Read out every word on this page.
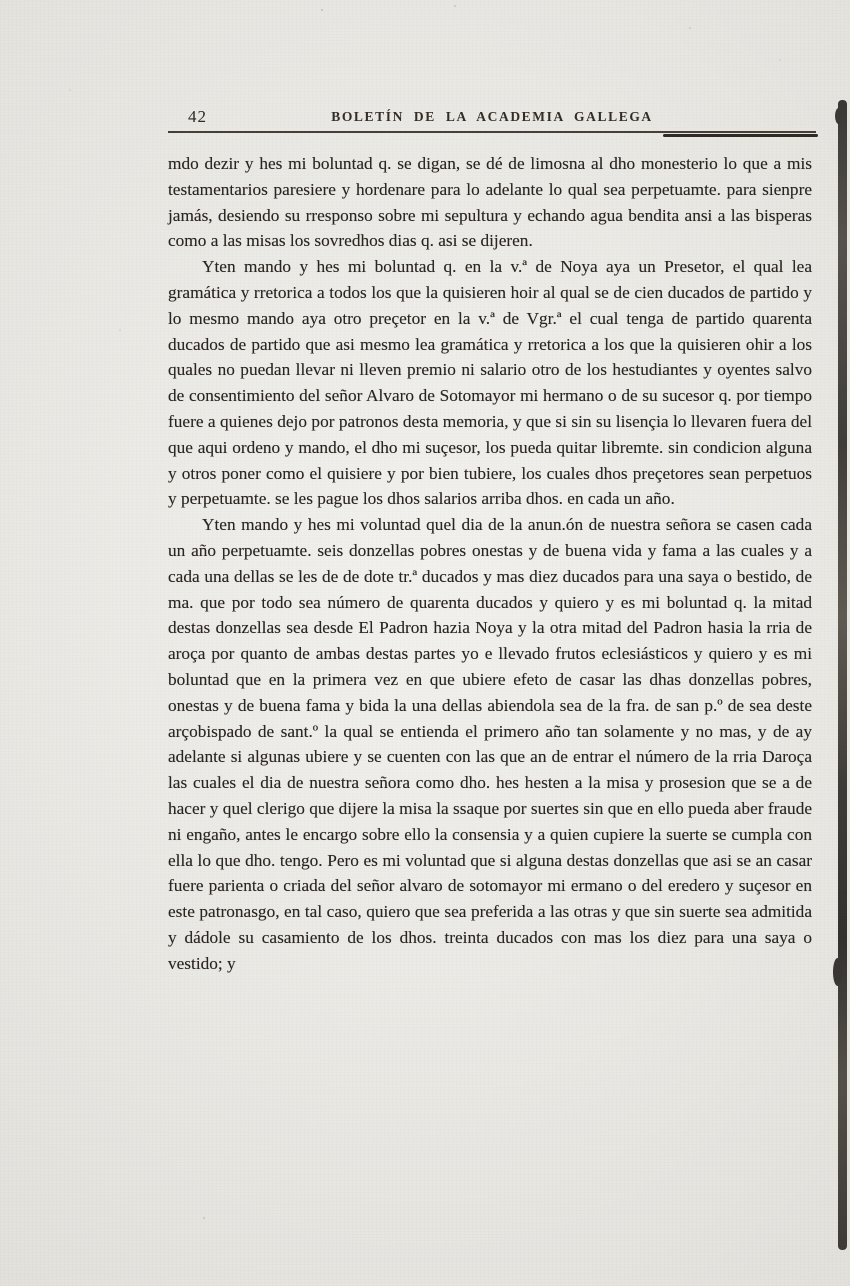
42	BOLETÍN DE LA ACADEMIA GALLEGA

mdo dezir y hes mi boluntad q. se digan, se dé de limosna al dho monesterio lo que a mis testamentarios paresiere y hordenare para lo adelante lo qual sea perpetuamte. para sienpre jamás, desiendo su rresponso sobre mi sepultura y echando agua bendita ansi a las bisperas como a las misas los sovredhos dias q. asi se dijeren.

Yten mando y hes mi boluntad q. en la v.ª de Noya aya un Presetor, el qual lea gramática y rretorica a todos los que la quisieren hoir al qual se de cien ducados de partido y lo mesmo mando aya otro preçetor en la v.ª de Vgr.ª el cual tenga de partido quarenta ducados de partido que asi mesmo lea gramática y rretorica a los que la quisieren ohir a los quales no puedan llevar ni lleven premio ni salario otro de los hestudiantes y oyentes salvo de consentimiento del señor Alvaro de Sotomayor mi hermano o de su sucesor q. por tiempo fuere a quienes dejo por patronos desta memoria, y que si sin su lisençia lo llevaren fuera del que aqui ordeno y mando, el dho mi suçesor, los pueda quitar libremte. sin condicion alguna y otros poner como el quisiere y por bien tubiere, los cuales dhos preçetores sean perpetuos y perpetuamte. se les pague los dhos salarios arriba dhos. en cada un año.

Yten mando y hes mi voluntad quel dia de la anun.ón de nuestra señora se casen cada un año perpetuamte. seis donzellas pobres onestas y de buena vida y fama a las cuales y a cada una dellas se les de de dote tr.ª ducados y mas diez ducados para una saya o bestido, de ma. que por todo sea número de quarenta ducados y quiero y es mi boluntad q. la mitad destas donzellas sea desde El Padron hazia Noya y la otra mitad del Padron hasia la rria de aroça por quanto de ambas destas partes yo e llevado frutos eclesiásticos y quiero y es mi boluntad que en la primera vez en que ubiere efeto de casar las dhas donzellas pobres, onestas y de buena fama y bida la una dellas abiendola sea de la fra. de san p.º de sea deste arçobispado de sant.º la qual se entienda el primero año tan solamente y no mas, y de ay adelante si algunas ubiere y se cuenten con las que an de entrar el número de la rria Daroça las cuales el dia de nuestra señora como dho. hes hesten a la misa y prosesion que se a de hacer y quel clerigo que dijere la misa la ssaque por suertes sin que en ello pueda aber fraude ni engaño, antes le encargo sobre ello la consensia y a quien cupiere la suerte se cumpla con ella lo que dho. tengo. Pero es mi voluntad que si alguna destas donzellas que asi se an casar fuere parienta o criada del señor alvaro de sotomayor mi ermano o del eredero y suçesor en este patronasgo, en tal caso, quiero que sea preferida a las otras y que sin suerte sea admitida y dádole su casamiento de los dhos. treinta ducados con mas los diez para una saya o vestido; y
